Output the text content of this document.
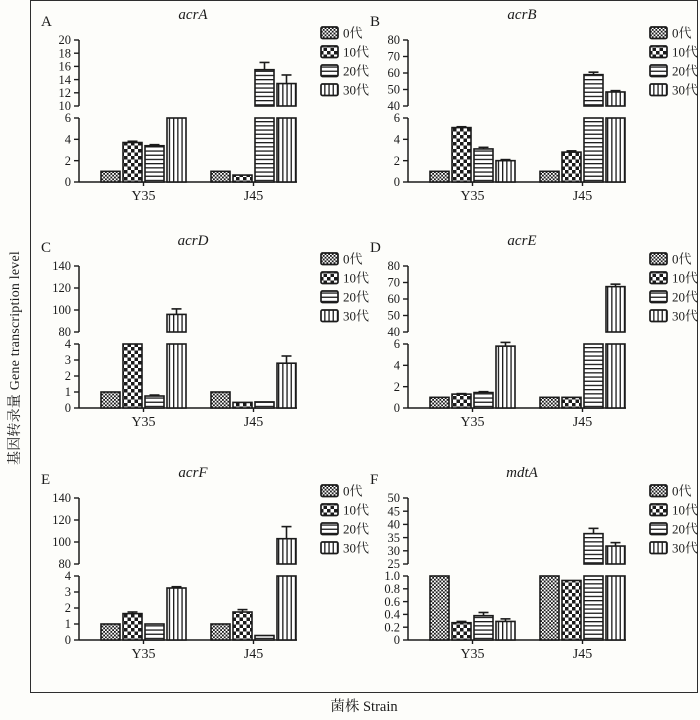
基因转录量 Gene transcription level
A	acrA
10
12
14
16
18
20
0
2
4
6
Y35	J45
0代
10代
20代
30代
B	acrB
40
50
60
70
80
0
2
4
6
Y35	J45
0代
10代
20代
30代
C	acrD
80
100
120
140
0
1
2
3
4
Y35	J45
0代
10代
20代
30代
D	acrE
40
50
60
70
80
0
2
4
6
Y35	J45
0代
10代
20代
30代
E	acrF
80
100
120
140
0
1
2
3
4
Y35	J45
0代
10代
20代
30代
F	mdtA
25
30
35
40
45
50
0
0.2
0.4
0.6
0.8
1.0
Y35	J45
0代
10代
20代
30代
菌株 Strain
